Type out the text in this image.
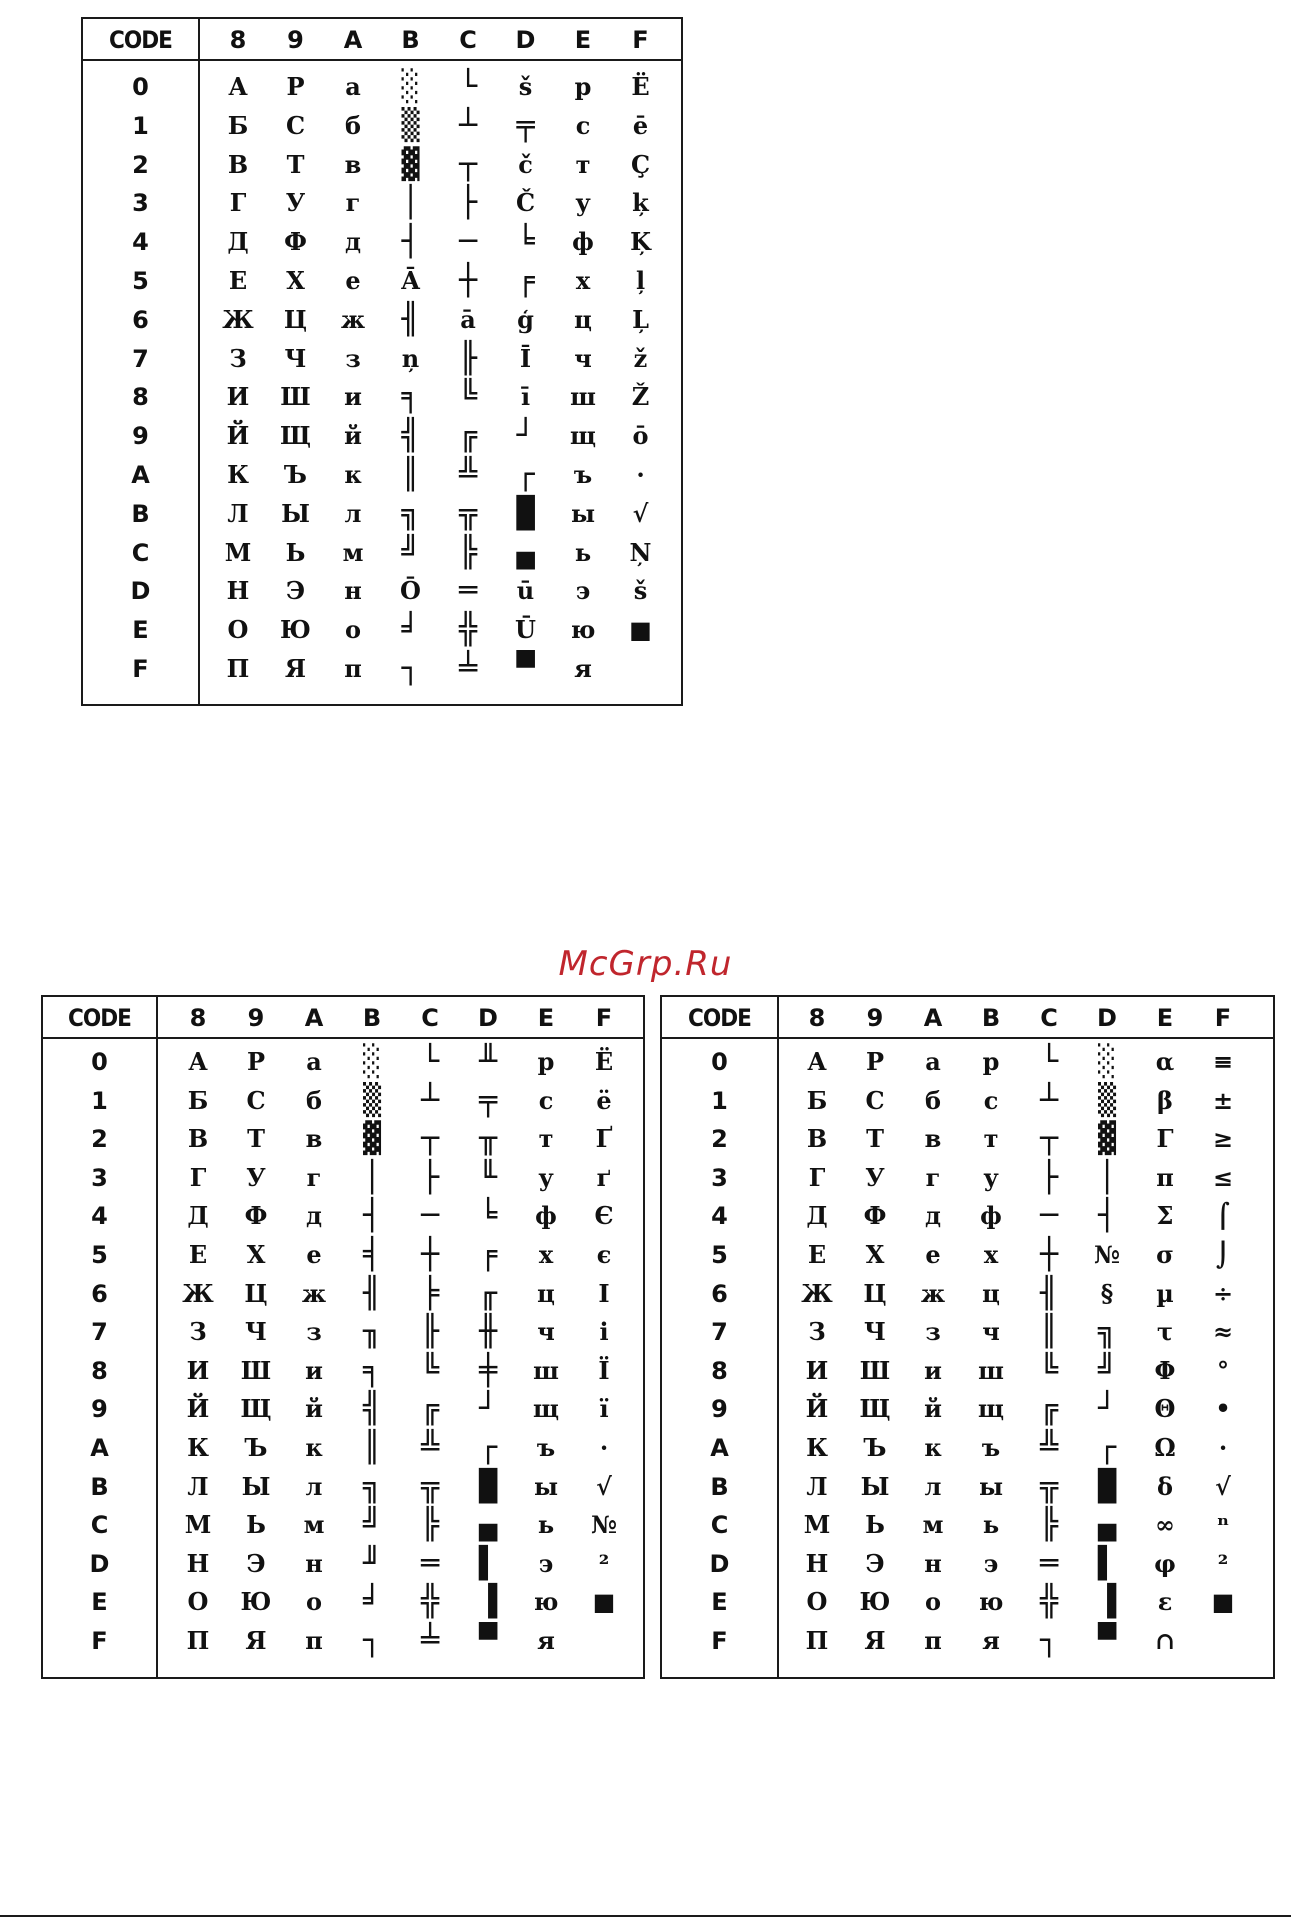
CODE 8 9 A B C D E F
0	А Р а ░ └ š р Ë
1	Б С б ▒ ┴ ╤ с ē
2	В Т в ▓ ┬ č т Ç
3	Г У г │ ├ Č у ķ
4	Д Ф д ┤ ─ ╘ ф Ķ
5	Е Х е Ā ┼ ╒ х ļ
6	Ж Ц ж ╢ ā ģ ц Ļ
7	З Ч з ņ ╟ Ī ч ž
8	И Ш и ╕ ╚ ī ш Ž
9	Й Щ й ╣ ╔ ┘ щ ō
A	К Ъ к ║ ╩ ┌ ъ ·
B	Л Ы л ╗ ╦ █ ы √
C	М Ь м ╝ ╠ ▄ ь Ņ
D	Н Э н Ō ═ ū э š
E	О Ю о ╛ ╬ Ū ю ■
F	П Я п ┐ ╧ ▀ я

CODE 8 9 A B C D E F
0	А Р а ░ └ ╨ р Ё
1	Б С б ▒ ┴ ╤ с ё
2	В Т в ▓ ┬ ╥ т Ґ
3	Г У г │ ├ ╙ у ґ
4	Д Ф д ┤ ─ ╘ ф Є
5	Е Х е ╡ ┼ ╒ х є
6	Ж Ц ж ╢ ╞ ╓ ц І
7	З Ч з ╖ ╟ ╫ ч і
8	И Ш и ╕ ╚ ╪ ш Ї
9	Й Щ й ╣ ╔ ┘ щ ї
A	К Ъ к ║ ╩ ┌ ъ ·
B	Л Ы л ╗ ╦ █ ы √
C	М Ь м ╝ ╠ ▄ ь №
D	Н Э н ╜ ═ ▌ э ²
E	О Ю о ╛ ╬ ▐ ю ■
F	П Я п ┐ ╧ ▀ я

CODE 8 9 A B C D E F
0	А Р а р └ ░ α ≡
1	Б С б с ┴ ▒ β ±
2	В Т в т ┬ ▓ Γ ≥
3	Г У г у ├ │ π ≤
4	Д Ф д ф ─ ┤ Σ ⌠
5	Е Х е х ┼ № σ ⌡
6	Ж Ц ж ц ╢ § µ ÷
7	З Ч з ч ║ ╗ τ ≈
8	И Ш и ш ╚ ╝ Φ °
9	Й Щ й щ ╔ ┘ Θ •
A	К Ъ к ъ ╩ ┌ Ω ·
B	Л Ы л ы ╦ █ δ √
C	М Ь м ь ╠ ▄ ∞ ⁿ
D	Н Э н э ═ ▌ φ ²
E	О Ю о ю ╬ ▐ ε ■
F	П Я п я ┐ ▀ ∩

McGrp.Ru
